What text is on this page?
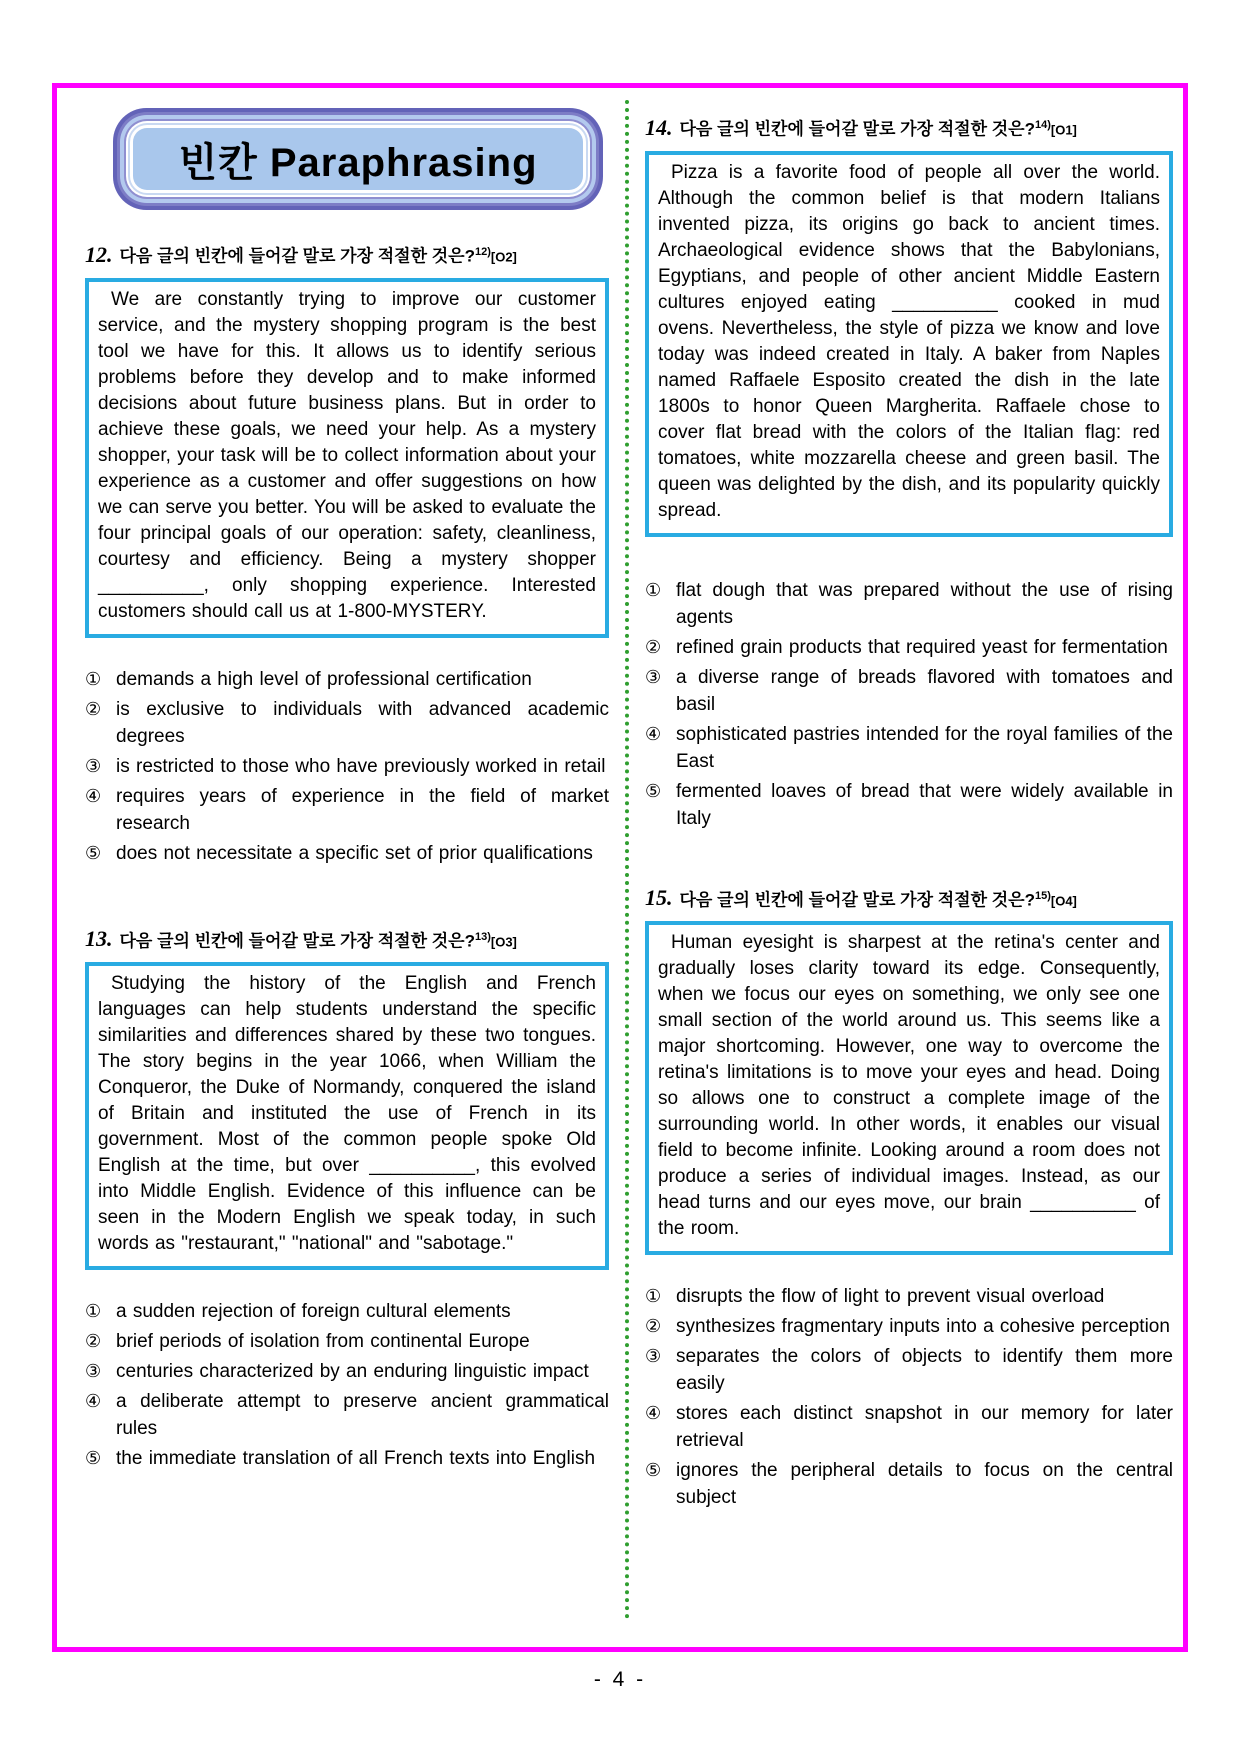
빈칸 Paraphrasing
12. 다음 글의 빈칸에 들어갈 말로 가장 적절한 것은?$^{12)}$[O2]

We are constantly trying to improve our customer service, and the mystery shopping program is the best tool we have for this. It allows us to identify serious problems before they develop and to make informed decisions about future business plans. But in order to achieve these goals, we need your help. As a mystery shopper, your task will be to collect information about your experience as a customer and offer suggestions on how we can serve you better. You will be asked to evaluate the four principal goals of our operation: safety, cleanliness, courtesy and efficiency. Being a mystery shopper __________, only shopping experience. Interested customers should call us at 1-800-MYSTERY.

① demands a high level of professional certification
② is exclusive to individuals with advanced academic degrees
③ is restricted to those who have previously worked in retail
④ requires years of experience in the field of market research
⑤ does not necessitate a specific set of prior qualifications
13. 다음 글의 빈칸에 들어갈 말로 가장 적절한 것은?$^{13)}$[O3]

Studying the history of the English and French languages can help students understand the specific similarities and differences shared by these two tongues. The story begins in the year 1066, when William the Conqueror, the Duke of Normandy, conquered the island of Britain and instituted the use of French in its government. Most of the common people spoke Old English at the time, but over __________, this evolved into Middle English. Evidence of this influence can be seen in the Modern English we speak today, in such words as "restaurant," "national" and "sabotage."

① a sudden rejection of foreign cultural elements
② brief periods of isolation from continental Europe
③ centuries characterized by an enduring linguistic impact
④ a deliberate attempt to preserve ancient grammatical rules
⑤ the immediate translation of all French texts into English
14. 다음 글의 빈칸에 들어갈 말로 가장 적절한 것은?$^{14)}$[O1]

Pizza is a favorite food of people all over the world. Although the common belief is that modern Italians invented pizza, its origins go back to ancient times. Archaeological evidence shows that the Babylonians, Egyptians, and people of other ancient Middle Eastern cultures enjoyed eating __________ cooked in mud ovens. Nevertheless, the style of pizza we know and love today was indeed created in Italy. A baker from Naples named Raffaele Esposito created the dish in the late 1800s to honor Queen Margherita. Raffaele chose to cover flat bread with the colors of the Italian flag: red tomatoes, white mozzarella cheese and green basil. The queen was delighted by the dish, and its popularity quickly spread.

① flat dough that was prepared without the use of rising agents
② refined grain products that required yeast for fermentation
③ a diverse range of breads flavored with tomatoes and basil
④ sophisticated pastries intended for the royal families of the East
⑤ fermented loaves of bread that were widely available in Italy
15. 다음 글의 빈칸에 들어갈 말로 가장 적절한 것은?$^{15)}$[O4]

Human eyesight is sharpest at the retina's center and gradually loses clarity toward its edge. Consequently, when we focus our eyes on something, we only see one small section of the world around us. This seems like a major shortcoming. However, one way to overcome the retina's limitations is to move your eyes and head. Doing so allows one to construct a complete image of the surrounding world. In other words, it enables our visual field to become infinite. Looking around a room does not produce a series of individual images. Instead, as our head turns and our eyes move, our brain __________ of the room.

① disrupts the flow of light to prevent visual overload
② synthesizes fragmentary inputs into a cohesive perception
③ separates the colors of objects to identify them more easily
④ stores each distinct snapshot in our memory for later retrieval
⑤ ignores the peripheral details to focus on the central subject
- 4 -
